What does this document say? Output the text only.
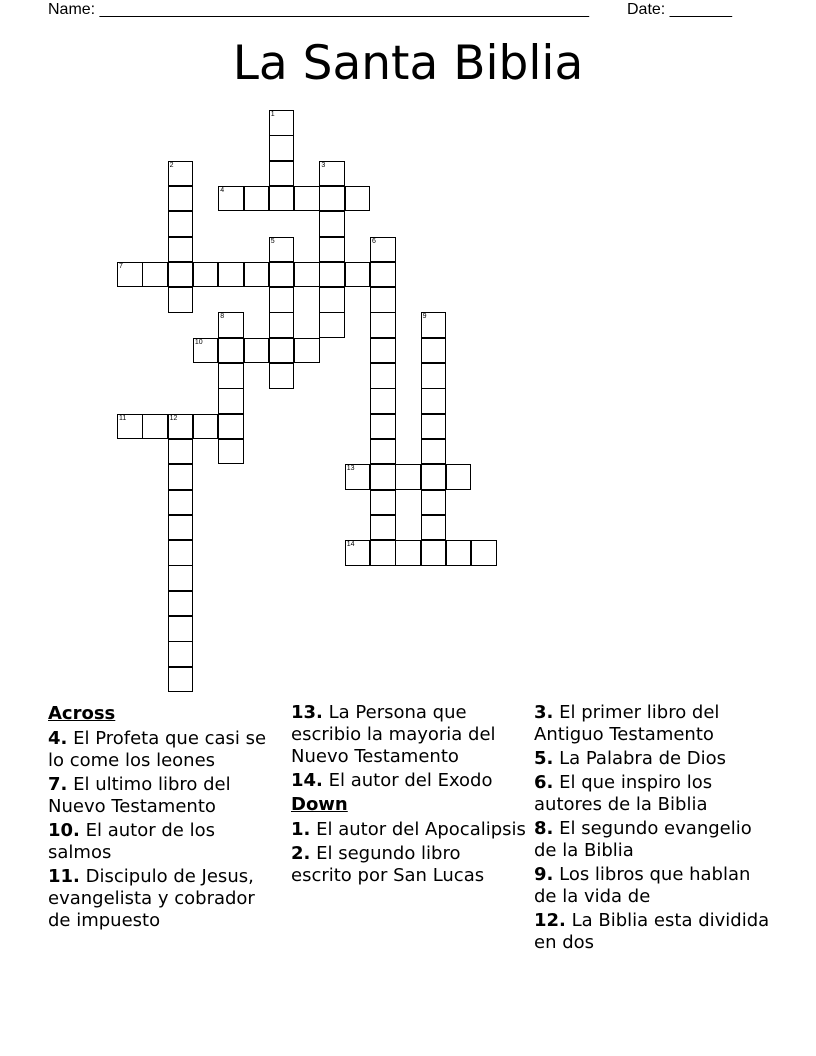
Name: _______________________________________________________ Date: _______
La Santa Biblia
1
2	3
4
5	6
7
8	9
10
11	12
13
14
Across
4. El Profeta que casi se lo come los leones
7. El ultimo libro del Nuevo Testamento
10. El autor de los salmos
11. Discipulo de Jesus, evangelista y cobrador de impuesto
13. La Persona que escribio la mayoria del Nuevo Testamento
14. El autor del Exodo
Down
1. El autor del Apocalipsis
2. El segundo libro escrito por San Lucas
3. El primer libro del Antiguo Testamento
5. La Palabra de Dios
6. El que inspiro los autores de la Biblia
8. El segundo evangelio de la Biblia
9. Los libros que hablan de la vida de
12. La Biblia esta dividida en dos
